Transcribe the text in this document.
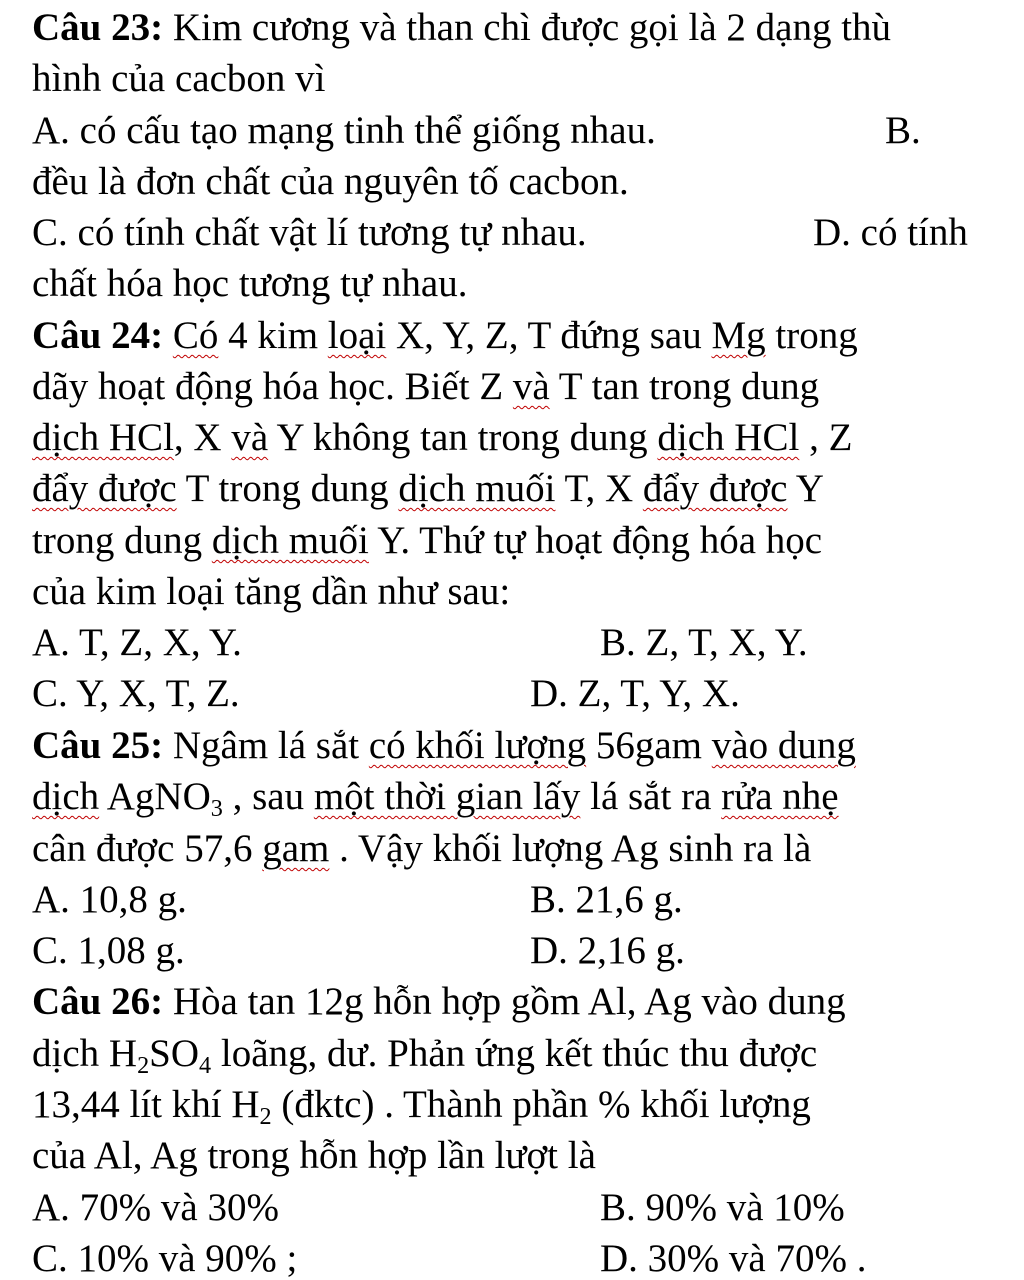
Câu 23: Kim cương và than chì được gọi là 2 dạng thù
hình của cacbon vì
A. có cấu tạo mạng tinh thể giống nhau.	B.
đều là đơn chất của nguyên tố cacbon.
C. có tính chất vật lí tương tự nhau.	D. có tính
chất hóa học tương tự nhau.
Câu 24: Có 4 kim loại X, Y, Z, T đứng sau Mg trong
dãy hoạt động hóa học. Biết Z và T tan trong dung
dịch HCl, X và Y không tan trong dung dịch HCl , Z
đẩy được T trong dung dịch muối T, X đẩy được Y
trong dung dịch muối Y. Thứ tự hoạt động hóa học
của kim loại tăng dần như sau:
A. T, Z, X, Y.	B. Z, T, X, Y.
C. Y, X, T, Z.	D. Z, T, Y, X.
Câu 25: Ngâm lá sắt có khối lượng 56gam vào dung
dịch AgNO$_3$ , sau một thời gian lấy lá sắt ra rửa nhẹ
cân được 57,6 gam . Vậy khối lượng Ag sinh ra là
A. 10,8 g.	B. 21,6 g.
C. 1,08 g.	D. 2,16 g.
Câu 26: Hòa tan 12g hỗn hợp gồm Al, Ag vào dung
dịch $H_2SO_4$ loãng, dư. Phản ứng kết thúc thu được
13,44 lít khí $H_2$ (đktc) . Thành phần % khối lượng
của Al, Ag trong hỗn hợp lần lượt là
A. 70% và 30%	B. 90% và 10%
C. 10% và 90% ;	D. 30% và 70% .
